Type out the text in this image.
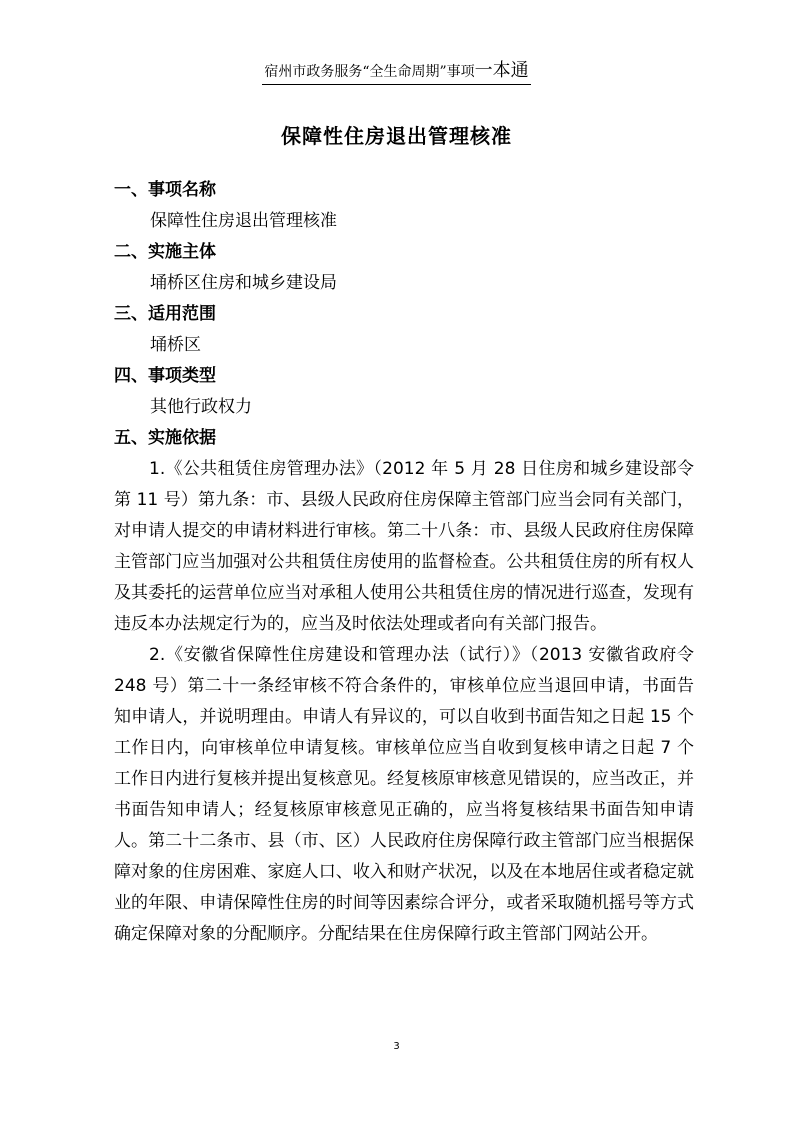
宿州市政务服务“全生命周期”事项一本通
保障性住房退出管理核准
一、事项名称
保障性住房退出管理核准
二、实施主体
埇桥区住房和城乡建设局
三、适用范围
埇桥区
四、事项类型
其他行政权力
五、实施依据

1.《公共租赁住房管理办法》（2012 年 5 月 28 日住房和城乡建设部令第 11 号）第九条：市、县级人民政府住房保障主管部门应当会同有关部门，对申请人提交的申请材料进行审核。第二十八条：市、县级人民政府住房保障主管部门应当加强对公共租赁住房使用的监督检查。公共租赁住房的所有权人及其委托的运营单位应当对承租人使用公共租赁住房的情况进行巡查，发现有违反本办法规定行为的，应当及时依法处理或者向有关部门报告。

2.《安徽省保障性住房建设和管理办法（试行）》（2013 安徽省政府令 248 号）第二十一条经审核不符合条件的，审核单位应当退回申请，书面告知申请人，并说明理由。申请人有异议的，可以自收到书面告知之日起 15 个工作日内，向审核单位申请复核。审核单位应当自收到复核申请之日起 7 个工作日内进行复核并提出复核意见。经复核原审核意见错误的，应当改正，并书面告知申请人；经复核原审核意见正确的，应当将复核结果书面告知申请人。第二十二条市、县（市、区）人民政府住房保障行政主管部门应当根据保障对象的住房困难、家庭人口、收入和财产状况，以及在本地居住或者稳定就业的年限、申请保障性住房的时间等因素综合评分，或者采取随机摇号等方式确定保障对象的分配顺序。分配结果在住房保障行政主管部门网站公开。

3
